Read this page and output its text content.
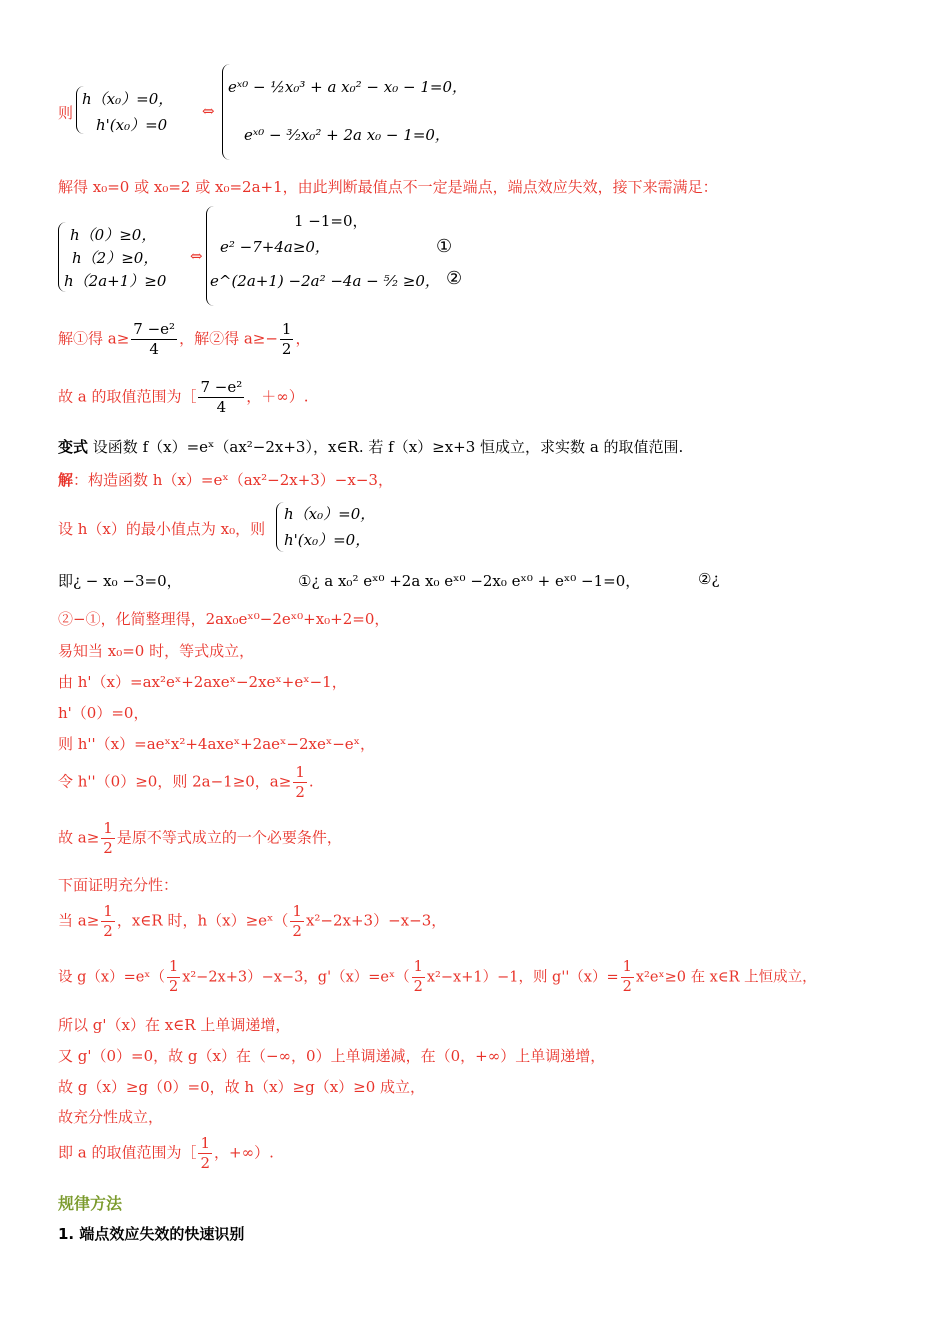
则
h（x₀）=0，
h'(x₀）=0
⇔
eˣ⁰ − ½x₀³ + a x₀² − x₀ − 1=0，
eˣ⁰ − ³⁄₂x₀² + 2a x₀ − 1=0，
解得 x₀=0 或 x₀=2 或 x₀=2a+1，由此判断最值点不一定是端点，端点效应失效，接下来需满足：
h（0）≥0，
h（2）≥0，
h（2a+1）≥0
⇔
1 −1=0，
e² −7+4a≥0，
e^(2a+1) −2a² −4a − ⁵⁄₂ ≥0，
①
②
解①得 $a\ge \frac{\text{7 −e²}}{4}$ ，解②得 $a\ge- \frac{1}{2}$ ，
故 a 的取值范围为［ $\frac{\text{7 −e²}}{4}$ ，＋∞）.
变式 设函数 f（x）=eˣ（ax²−2x+3），x∈R. 若 f（x）≥x+3 恒成立，求实数 a 的取值范围.
解：构造函数 h（x）=eˣ（ax²−2x+3）−x−3，
设 h（x）的最小值点为 x₀，则
h（x₀）=0，
h'(x₀）=0，
即¿ − x₀ −3=0，	①¿ a x₀² eˣ⁰ +2a x₀ eˣ⁰ −2x₀ eˣ⁰ + eˣ⁰ −1=0，	②¿
②−①，化简整理得，2ax₀eˣ⁰−2eˣ⁰+x₀+2=0，
易知当 x₀=0 时，等式成立，
由 h'（x）=ax²eˣ+2axeˣ−2xeˣ+eˣ−1，
h'（0）=0，
则 h''（x）=aeˣx²+4axeˣ+2aeˣ−2xeˣ−eˣ，
令 h''（0）≥0，则 2a−1≥0，$a\ge \frac{1}{2}$ .
故 $a\ge \frac{1}{2}$ 是原不等式成立的一个必要条件，
下面证明充分性：
当 $a\ge \frac{1}{2}$ ，x∈R 时，h（x）≥eˣ（ $\frac{1}{2} x^2-2x+3)-x-3$，
设 g（x）=eˣ（ $\frac{1}{2} x^2-2x+3)-x-3$，g'（x）=eˣ（ $\frac{1}{2} x^2-x+1)-1$，则 $g''(x)= \frac{1}{2}$ x²eˣ≥0 在 x∈R 上恒成立，
所以 g'（x）在 x∈R 上单调递增，
又 g'（0）=0，故 g（x）在（−∞，0）上单调递减，在（0，+∞）上单调递增，
故 g（x）≥g（0）=0，故 h（x）≥g（x）≥0 成立，
故充分性成立，
即 a 的取值范围为［ $\frac{1}{2}$ ，+∞）.
规律方法
1. 端点效应失效的快速识别
